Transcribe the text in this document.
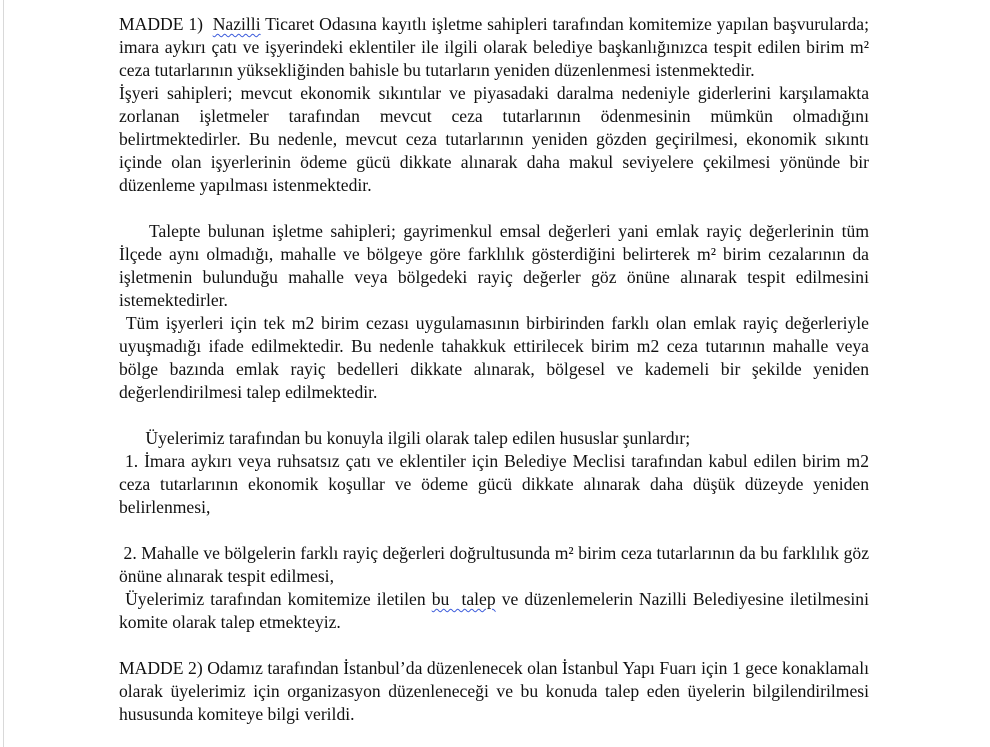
MADDE 1)  Nazilli Ticaret Odasına kayıtlı işletme sahipleri tarafından komitemize yapılan başvurularda; imara aykırı çatı ve işyerindeki eklentiler ile ilgili olarak belediye başkanlığınızca tespit edilen birim m² ceza tutarlarının yüksekliğinden bahisle bu tutarların yeniden düzenlenmesi istenmektedir.

İşyeri sahipleri; mevcut ekonomik sıkıntılar ve piyasadaki daralma nedeniyle giderlerini karşılamakta zorlanan işletmeler tarafından mevcut ceza tutarlarının ödenmesinin mümkün olmadığını belirtmektedirler. Bu nedenle, mevcut ceza tutarlarının yeniden gözden geçirilmesi, ekonomik sıkıntı içinde olan işyerlerinin ödeme gücü dikkate alınarak daha makul seviyelere çekilmesi yönünde bir düzenleme yapılması istenmektedir.

Talepte bulunan işletme sahipleri; gayrimenkul emsal değerleri yani emlak rayiç değerlerinin tüm İlçede aynı olmadığı, mahalle ve bölgeye göre farklılık gösterdiğini belirterek m² birim cezalarının da işletmenin bulunduğu mahalle veya bölgedeki rayiç değerler göz önüne alınarak tespit edilmesini istemektedirler.

Tüm işyerleri için tek m2 birim cezası uygulamasının birbirinden farklı olan emlak rayiç değerleriyle uyuşmadığı ifade edilmektedir. Bu nedenle tahakkuk ettirilecek birim m2 ceza tutarının mahalle veya bölge bazında emlak rayiç bedelleri dikkate alınarak, bölgesel ve kademeli bir şekilde yeniden değerlendirilmesi talep edilmektedir.

Üyelerimiz tarafından bu konuyla ilgili olarak talep edilen hususlar şunlardır;

1. İmara aykırı veya ruhsatsız çatı ve eklentiler için Belediye Meclisi tarafından kabul edilen birim m2 ceza tutarlarının ekonomik koşullar ve ödeme gücü dikkate alınarak daha düşük düzeyde yeniden belirlenmesi,

2. Mahalle ve bölgelerin farklı rayiç değerleri doğrultusunda m² birim ceza tutarlarının da bu farklılık göz önüne alınarak tespit edilmesi,

Üyelerimiz tarafından komitemize iletilen bu  talep ve düzenlemelerin Nazilli Belediyesine iletilmesini komite olarak talep etmekteyiz.

MADDE 2) Odamız tarafından İstanbul’da düzenlenecek olan İstanbul Yapı Fuarı için 1 gece konaklamalı olarak üyelerimiz için organizasyon düzenleneceği ve bu konuda talep eden üyelerin bilgilendirilmesi hususunda komiteye bilgi verildi.
